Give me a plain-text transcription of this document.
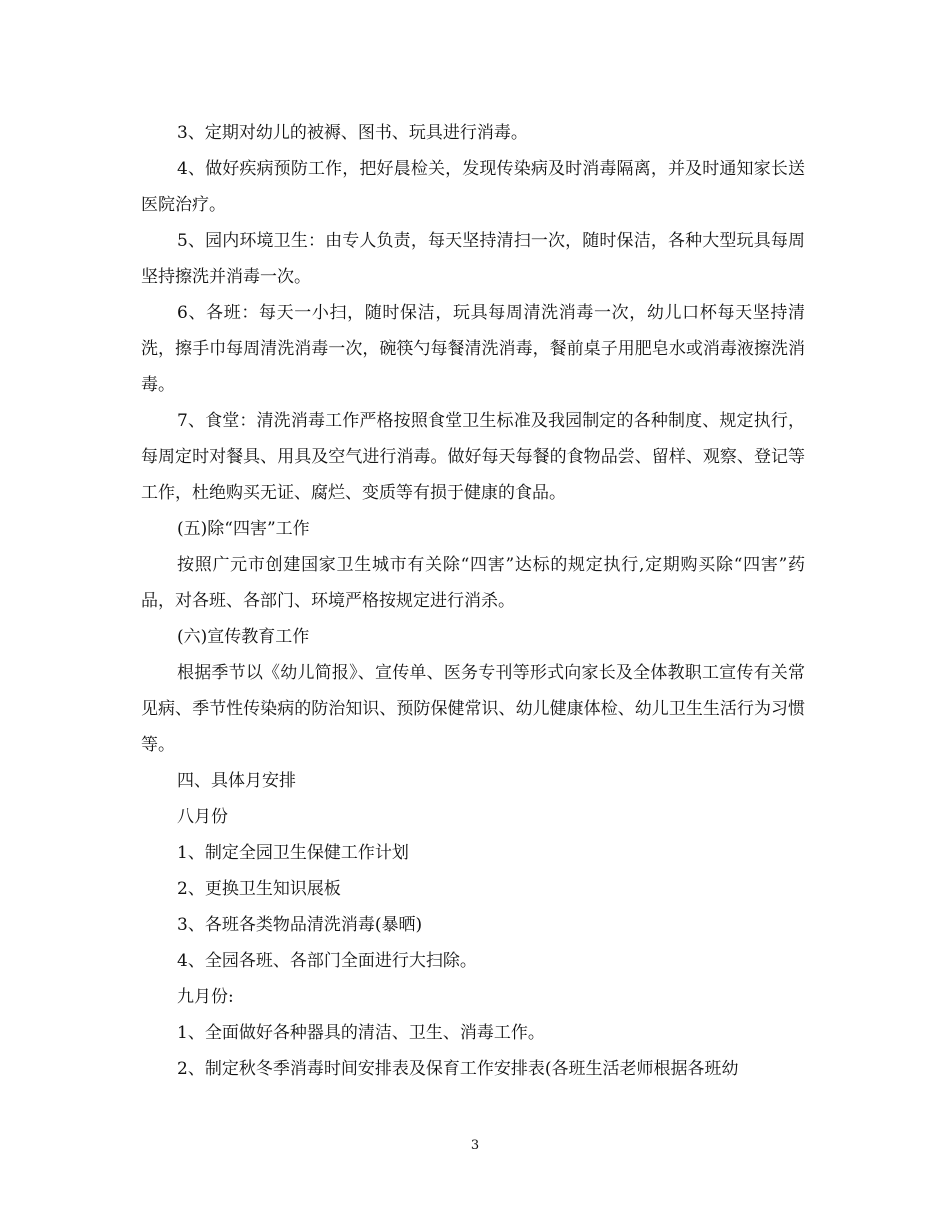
3、定期对幼儿的被褥、图书、玩具进行消毒。

4、做好疾病预防工作，把好晨检关，发现传染病及时消毒隔离，并及时通知家长送医院治疗。

5、园内环境卫生：由专人负责，每天坚持清扫一次，随时保洁，各种大型玩具每周坚持擦洗并消毒一次。

6、各班：每天一小扫，随时保洁，玩具每周清洗消毒一次，幼儿口杯每天坚持清洗，擦手巾每周清洗消毒一次，碗筷勺每餐清洗消毒，餐前桌子用肥皂水或消毒液擦洗消毒。

7、食堂：清洗消毒工作严格按照食堂卫生标准及我园制定的各种制度、规定执行，每周定时对餐具、用具及空气进行消毒。做好每天每餐的食物品尝、留样、观察、登记等工作，杜绝购买无证、腐烂、变质等有损于健康的食品。

(五)除“四害”工作

按照广元市创建国家卫生城市有关除“四害”达标的规定执行,定期购买除“四害”药品，对各班、各部门、环境严格按规定进行消杀。

(六)宣传教育工作

根据季节以《幼儿简报》、宣传单、医务专刊等形式向家长及全体教职工宣传有关常见病、季节性传染病的防治知识、预防保健常识、幼儿健康体检、幼儿卫生生活行为习惯等。

四、具体月安排

八月份

1、制定全园卫生保健工作计划

2、更换卫生知识展板

3、各班各类物品清洗消毒(暴晒)

4、全园各班、各部门全面进行大扫除。

九月份:

1、全面做好各种器具的清洁、卫生、消毒工作。

2、制定秋冬季消毒时间安排表及保育工作安排表(各班生活老师根据各班幼

3
